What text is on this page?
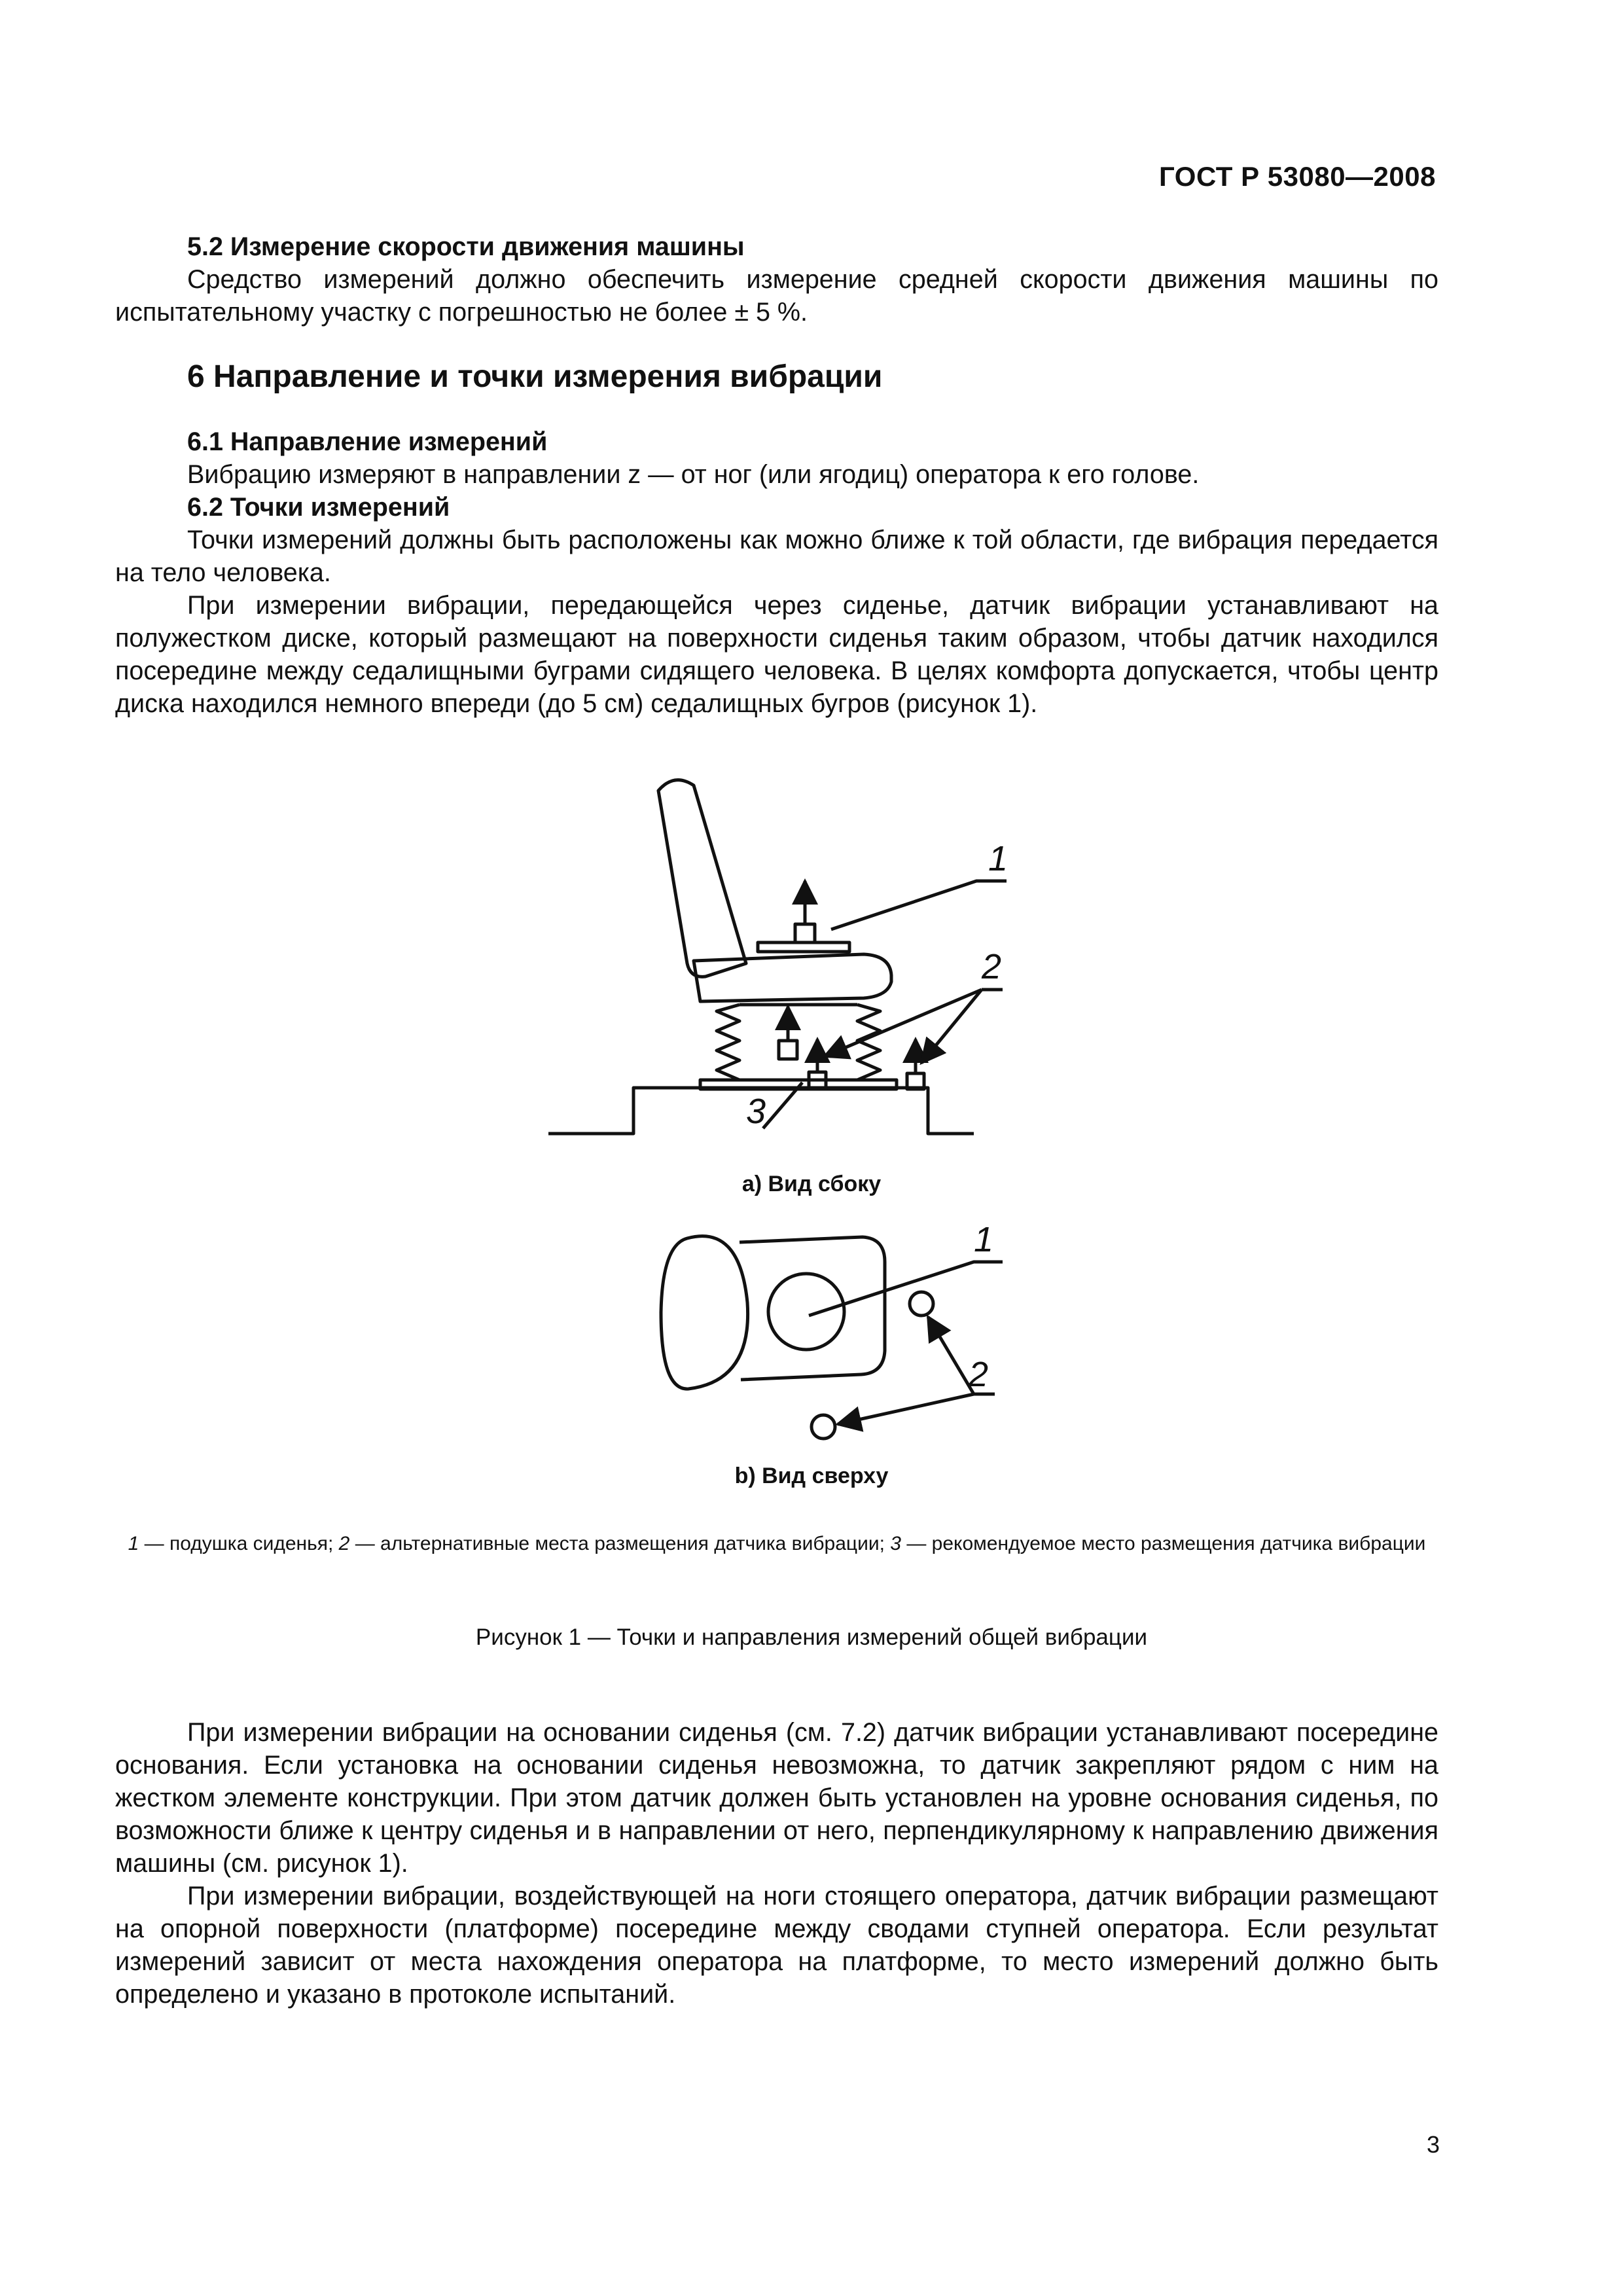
ГОСТ Р 53080—2008
5.2 Измерение скорости движения машины

Средство измерений должно обеспечить измерение средней скорости движения машины по испытательному участку с погрешностью не более ± 5 %.

6 Направление и точки измерения вибрации
6.1 Направление измерений

Вибрацию измеряют в направлении z — от ног (или ягодиц) оператора к его голове.

6.2 Точки измерений

Точки измерений должны быть расположены как можно ближе к той области, где вибрация передается на тело человека.

При измерении вибрации, передающейся через сиденье, датчик вибрации устанавливают на полужестком диске, который размещают на поверхности сиденья таким образом, чтобы датчик находился посередине между седалищными буграми сидящего человека. В целях комфорта допускается, чтобы центр диска находился немного впереди (до 5 см) седалищных бугров (рисунок 1).

1
2
3
1
2
а) Вид сбоку
b) Вид сверху
1 — подушка сиденья; 2 — альтернативные места размещения датчика вибрации; 3 — рекомендуемое место размещения датчика вибрации
Рисунок 1 — Точки и направления измерений общей вибрации

При измерении вибрации на основании сиденья (см. 7.2) датчик вибрации устанавливают посередине основания. Если установка на основании сиденья невозможна, то датчик закрепляют рядом с ним на жестком элементе конструкции. При этом датчик должен быть установлен на уровне основания сиденья, по возможности ближе к центру сиденья и в направлении от него, перпендикулярному к направлению движения машины (см. рисунок 1).

При измерении вибрации, воздействующей на ноги стоящего оператора, датчик вибрации размещают на опорной поверхности (платформе) посередине между сводами ступней оператора. Если результат измерений зависит от места нахождения оператора на платформе, то место измерений должно быть определено и указано в протоколе испытаний.

3
